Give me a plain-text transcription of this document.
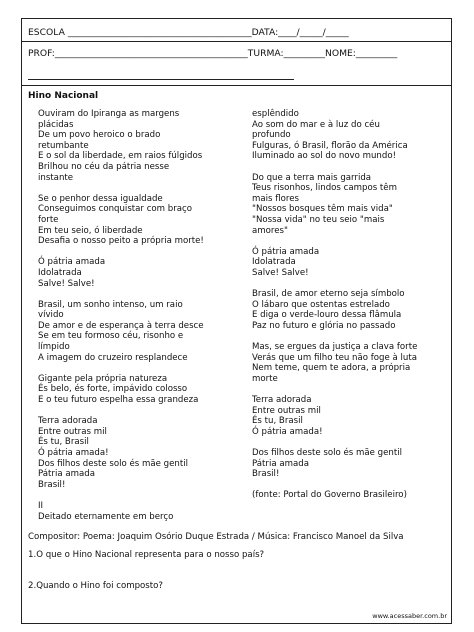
ESCOLA ________________________________________DATA:____/_____/_____
PROF:__________________________________________TURMA:_________NOME:_________
Hino Nacional
Ouviram do Ipiranga as margens
plácidas
De um povo heroico o brado
retumbante
E o sol da liberdade, em raios fúlgidos
Brilhou no céu da pátria nesse
instante
Se o penhor dessa igualdade
Conseguimos conquistar com braço
forte
Em teu seio, ó liberdade
Desafia o nosso peito a própria morte!
Ó pátria amada
Idolatrada
Salve! Salve!
Brasil, um sonho intenso, um raio
vívido
De amor e de esperança à terra desce
Se em teu formoso céu, risonho e
límpido
A imagem do cruzeiro resplandece
Gigante pela própria natureza
És belo, és forte, impávido colosso
E o teu futuro espelha essa grandeza
Terra adorada
Entre outras mil
És tu, Brasil
Ó pátria amada!
Dos filhos deste solo és mãe gentil
Pátria amada
Brasil!
II
Deitado eternamente em berço
esplêndido
Ao som do mar e à luz do céu
profundo
Fulguras, ó Brasil, florão da América
Iluminado ao sol do novo mundo!
Do que a terra mais garrida
Teus risonhos, lindos campos têm
mais flores
"Nossos bosques têm mais vida"
"Nossa vida" no teu seio "mais
amores"
Ó pátria amada
Idolatrada
Salve! Salve!
Brasil, de amor eterno seja símbolo
O lábaro que ostentas estrelado
E diga o verde-louro dessa flâmula
Paz no futuro e glória no passado
Mas, se ergues da justiça a clava forte
Verás que um filho teu não foge à luta
Nem teme, quem te adora, a própria
morte
Terra adorada
Entre outras mil
És tu, Brasil
Ó pátria amada!
Dos filhos deste solo és mãe gentil
Pátria amada
Brasil!
(fonte: Portal do Governo Brasileiro)
Compositor: Poema: Joaquim Osório Duque Estrada / Música: Francisco Manoel da Silva
1.O que o Hino Nacional representa para o nosso país?
2.Quando o Hino foi composto?
www.acessaber.com.br
